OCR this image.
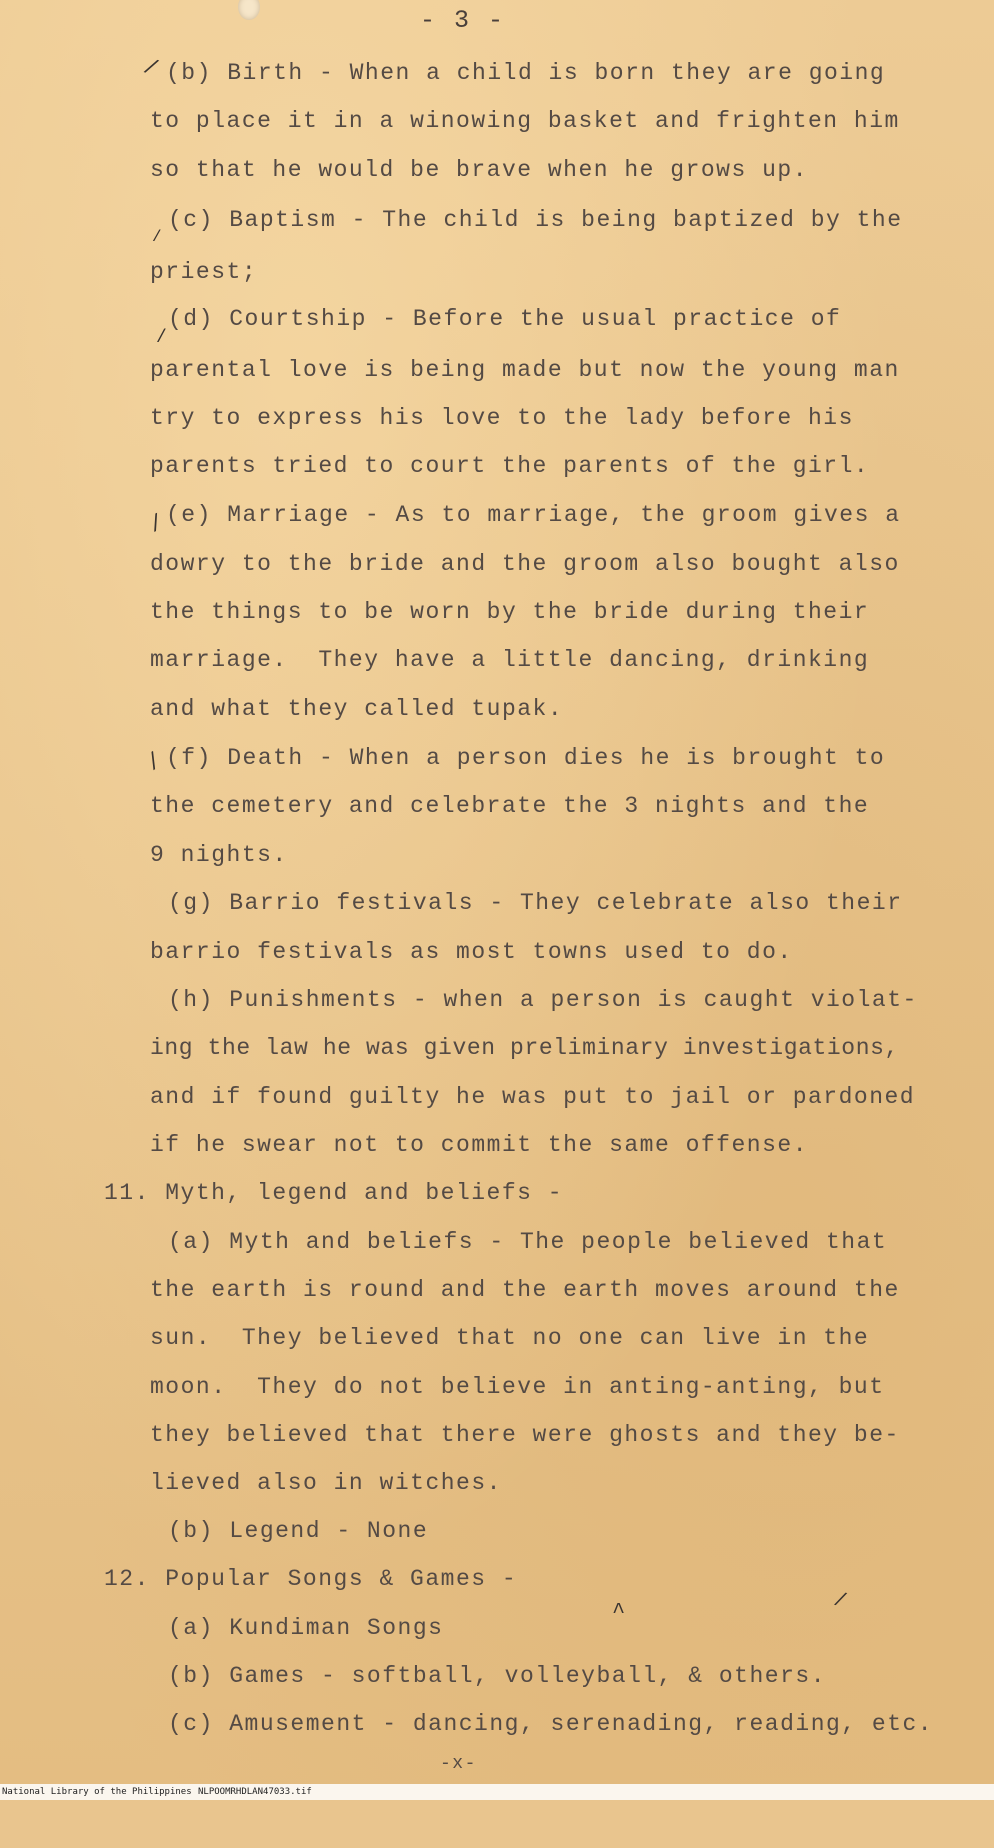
- 3 -
/
/
/
/
/
^	/
(b) Birth - When a child is born they are going
to place it in a winowing basket and frighten him
so that he would be brave when he grows up.
(c) Baptism - The child is being baptized by the
priest;
(d) Courtship - Before the usual practice of
parental love is being made but now the young man
try to express his love to the lady before his
parents tried to court the parents of the girl.
(e) Marriage - As to marriage, the groom gives a
dowry to the bride and the groom also bought also
the things to be worn by the bride during their
marriage.  They have a little dancing, drinking
and what they called tupak.
(f) Death - When a person dies he is brought to
the cemetery and celebrate the 3 nights and the
9 nights.
(g) Barrio festivals - They celebrate also their
barrio festivals as most towns used to do.
(h) Punishments - when a person is caught violat-
ing the law he was given preliminary investigations,
and if found guilty he was put to jail or pardoned
if he swear not to commit the same offense.
11. Myth, legend and beliefs -
(a) Myth and beliefs - The people believed that
the earth is round and the earth moves around the
sun.  They believed that no one can live in the
moon.  They do not believe in anting-anting, but
they believed that there were ghosts and they be-
lieved also in witches.
(b) Legend - None
12. Popular Songs & Games -
(a) Kundiman Songs
(b) Games - softball, volleyball, & others.
(c) Amusement - dancing, serenading, reading, etc.
-x-

National Library of the Philippines

NLPOOMRHDLAN47033.tif
